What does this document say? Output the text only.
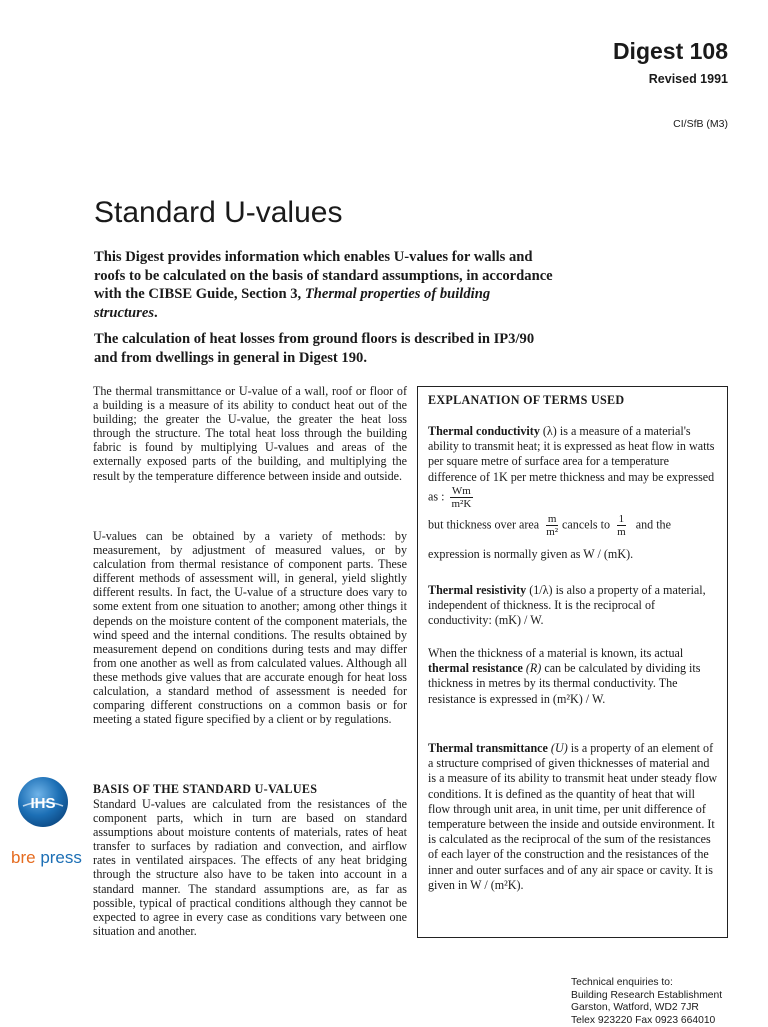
Digest 108
Revised 1991
CI/SfB (M3)
Standard U-values
This Digest provides information which enables U-values for walls and roofs to be calculated on the basis of standard assumptions, in accordance with the CIBSE Guide, Section 3, Thermal properties of building structures.
The calculation of heat losses from ground floors is described in IP3/90 and from dwellings in general in Digest 190.
The thermal transmittance or U-value of a wall, roof or floor of a building is a measure of its ability to conduct heat out of the building; the greater the U-value, the greater the heat loss through the structure. The total heat loss through the building fabric is found by multiplying U-values and areas of the externally exposed parts of the building, and multiplying the result by the temperature difference between inside and outside.
U-values can be obtained by a variety of methods: by measurement, by adjustment of measured values, or by calculation from thermal resistance of component parts. These different methods of assessment will, in general, yield slightly different results. In fact, the U-value of a structure does vary to some extent from one situation to another; among other things it depends on the moisture content of the component materials, the wind speed and the internal conditions. The results obtained by measurement depend on conditions during tests and may differ from one another as well as from calculated values. Although all these methods give values that are accurate enough for heat loss calculation, a standard method of assessment is needed for comparing different constructions on a common basis or for meeting a stated figure specified by a client or by regulations.
BASIS OF THE STANDARD U-VALUES
Standard U-values are calculated from the resistances of the component parts, which in turn are based on standard assumptions about moisture contents of materials, rates of heat transfer to surfaces by radiation and convection, and airflow rates in ventilated airspaces. The effects of any heat bridging through the structure also have to be taken into account in a standard manner. The standard assumptions are, as far as possible, typical of practical conditions although they cannot be expected to agree in every case as conditions vary between one situation and another.
EXPLANATION OF TERMS USED
Thermal conductivity (λ) is a measure of a material's ability to transmit heat; it is expressed as heat flow in watts per square metre of surface area for a temperature difference of 1K per metre thickness and may be expressed as : $\frac{Wm}{\text{m²K}}$
but thickness over area $\frac{m}{\text{m²}}$ cancels to $\frac{1}{m}$ and the
expression is normally given as W / (mK).
Thermal resistivity (1/λ) is also a property of a material, independent of thickness. It is the reciprocal of conductivity: (mK) / W.
When the thickness of a material is known, its actual thermal resistance (R) can be calculated by dividing its thickness in metres by its thermal conductivity. The resistance is expressed in (m²K) / W.
Thermal transmittance (U) is a property of an element of a structure comprised of given thicknesses of material and is a measure of its ability to transmit heat under steady flow conditions. It is defined as the quantity of heat that will flow through unit area, in unit time, per unit difference of temperature between the inside and outside environment. It is calculated as the reciprocal of the sum of the resistances of each layer of the construction and the resistances of the inner and outer surfaces and of any air space or cavity. It is given in W / (m²K).
IHS
bre press
Technical enquiries to:
Building Research Establishment
Garston, Watford, WD2 7JR
Telex 923220 Fax 0923 664010
